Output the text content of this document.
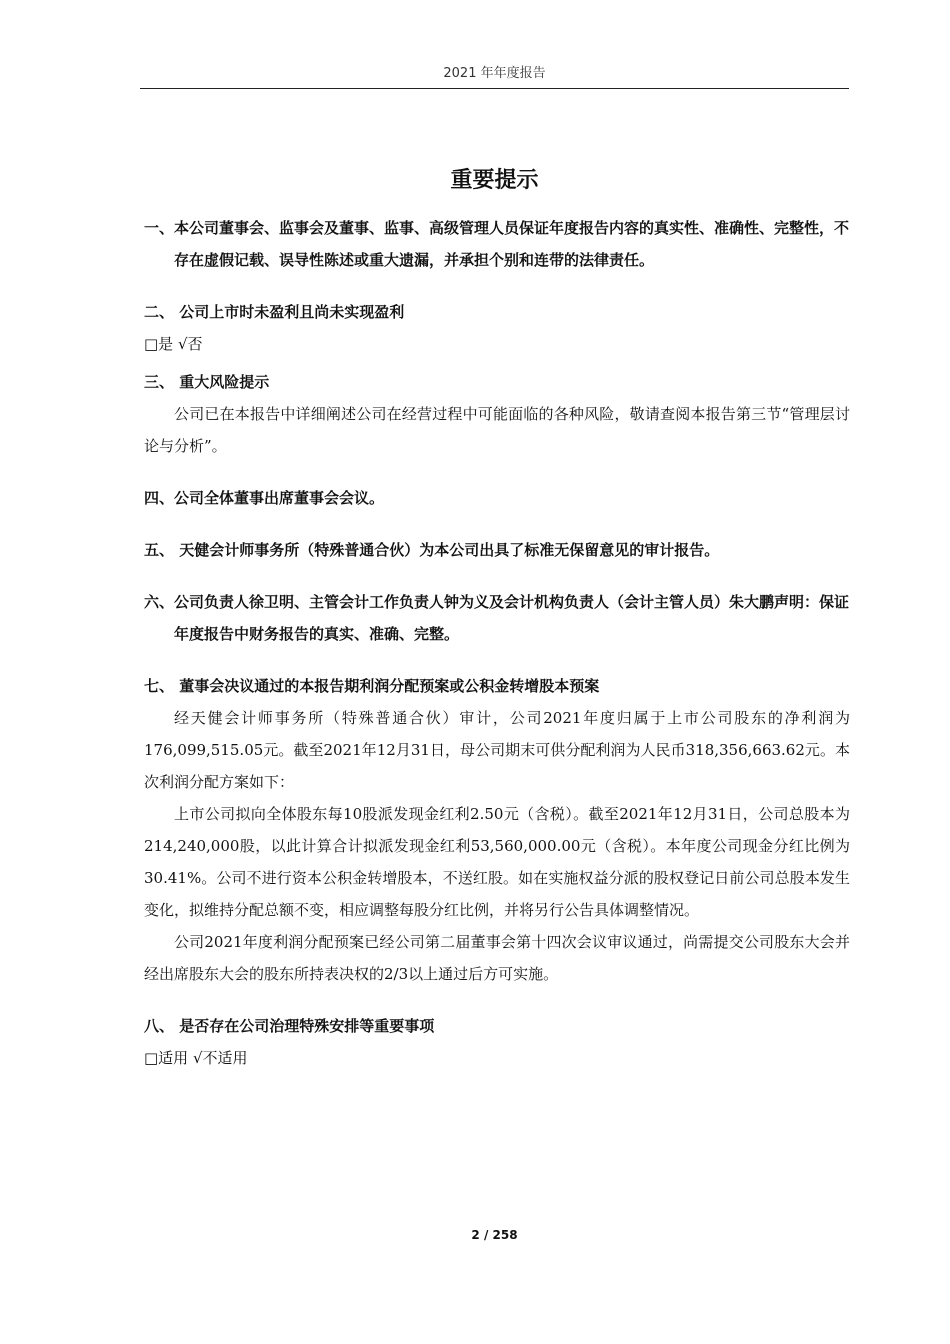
2021 年年度报告
重要提示
一、本公司董事会、监事会及董事、监事、高级管理人员保证年度报告内容的真实性、准确性、完整性，不存在虚假记载、误导性陈述或重大遗漏，并承担个别和连带的法律责任。
二、 公司上市时未盈利且尚未实现盈利
□是 √否
三、 重大风险提示
公司已在本报告中详细阐述公司在经营过程中可能面临的各种风险，敬请查阅本报告第三节“管理层讨论与分析”。
四、公司全体董事出席董事会会议。
五、 天健会计师事务所（特殊普通合伙）为本公司出具了标准无保留意见的审计报告。
六、公司负责人徐卫明、主管会计工作负责人钟为义及会计机构负责人（会计主管人员）朱大鹏声明：保证年度报告中财务报告的真实、准确、完整。
七、 董事会决议通过的本报告期利润分配预案或公积金转增股本预案
经天健会计师事务所（特殊普通合伙）审计，公司2021年度归属于上市公司股东的净利润为176,099,515.05元。截至2021年12月31日，母公司期末可供分配利润为人民币318,356,663.62元。本次利润分配方案如下：
上市公司拟向全体股东每10股派发现金红利2.50元（含税）。截至2021年12月31日，公司总股本为214,240,000股，以此计算合计拟派发现金红利53,560,000.00元（含税）。本年度公司现金分红比例为30.41%。公司不进行资本公积金转增股本，不送红股。如在实施权益分派的股权登记日前公司总股本发生变化，拟维持分配总额不变，相应调整每股分红比例，并将另行公告具体调整情况。
公司2021年度利润分配预案已经公司第二届董事会第十四次会议审议通过，尚需提交公司股东大会并经出席股东大会的股东所持表决权的2/3以上通过后方可实施。
八、 是否存在公司治理特殊安排等重要事项
□适用 √不适用
2 / 258
